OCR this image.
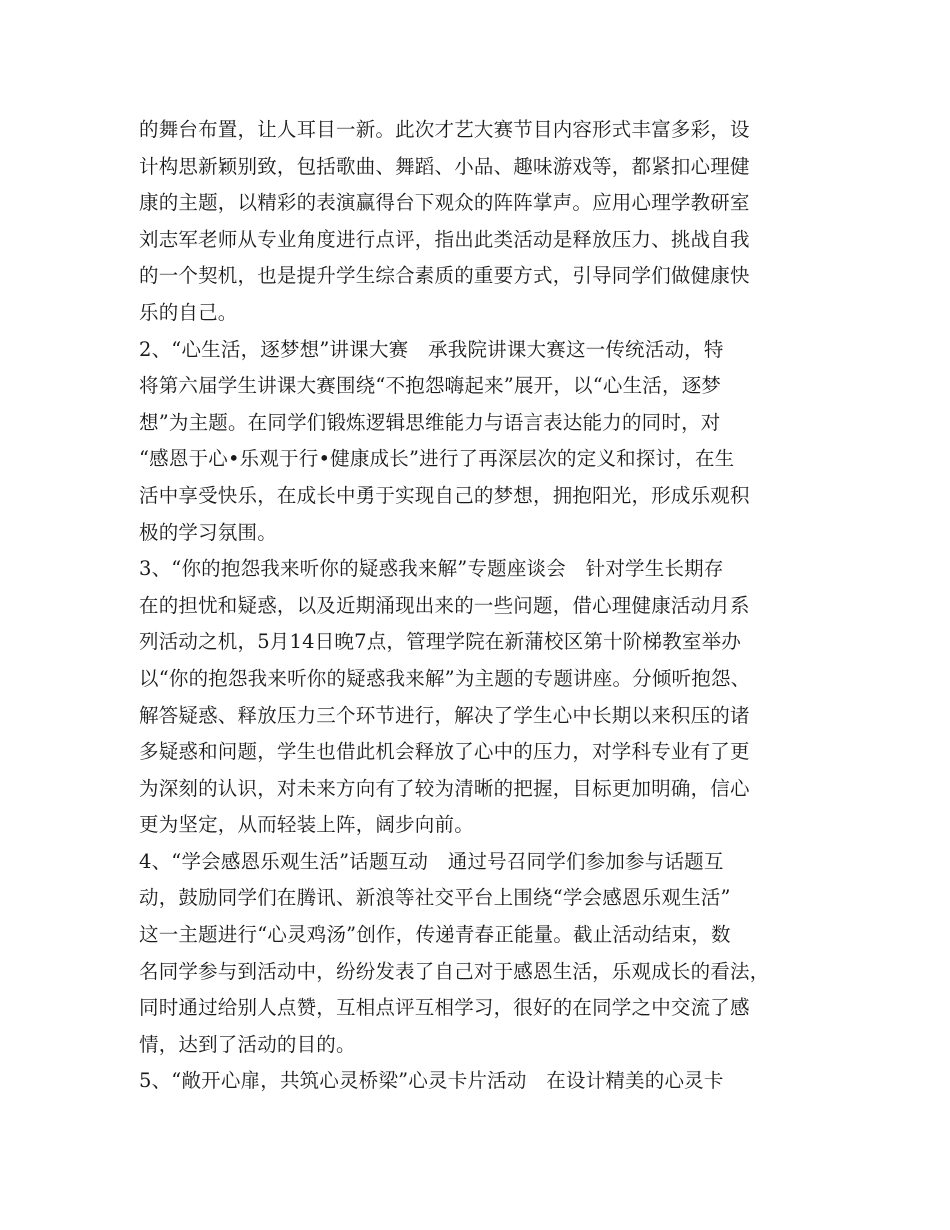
的舞台布置，让人耳目一新。此次才艺大赛节目内容形式丰富多彩，设
计构思新颖别致，包括歌曲、舞蹈、小品、趣味游戏等，都紧扣心理健
康的主题，以精彩的表演赢得台下观众的阵阵掌声。应用心理学教研室
刘志军老师从专业角度进行点评，指出此类活动是释放压力、挑战自我
的一个契机，也是提升学生综合素质的重要方式，引导同学们做健康快
乐的自己。
2、“心生活，逐梦想”讲课大赛　承我院讲课大赛这一传统活动，特
将第六届学生讲课大赛围绕“不抱怨嗨起来”展开，以“心生活，逐梦
想”为主题。在同学们锻炼逻辑思维能力与语言表达能力的同时，对
“感恩于心•乐观于行•健康成长”进行了再深层次的定义和探讨，在生
活中享受快乐，在成长中勇于实现自己的梦想，拥抱阳光，形成乐观积
极的学习氛围。
3、“你的抱怨我来听你的疑惑我来解”专题座谈会　针对学生长期存
在的担忧和疑惑，以及近期涌现出来的一些问题，借心理健康活动月系
列活动之机，5月14日晚7点，管理学院在新蒲校区第十阶梯教室举办
以“你的抱怨我来听你的疑惑我来解”为主题的专题讲座。分倾听抱怨、
解答疑惑、释放压力三个环节进行，解决了学生心中长期以来积压的诸
多疑惑和问题，学生也借此机会释放了心中的压力，对学科专业有了更
为深刻的认识，对未来方向有了较为清晰的把握，目标更加明确，信心
更为坚定，从而轻装上阵，阔步向前。
4、“学会感恩乐观生活”话题互动　通过号召同学们参加参与话题互
动，鼓励同学们在腾讯、新浪等社交平台上围绕“学会感恩乐观生活”
这一主题进行“心灵鸡汤”创作，传递青春正能量。截止活动结束，数
名同学参与到活动中，纷纷发表了自己对于感恩生活，乐观成长的看法，
同时通过给别人点赞，互相点评互相学习，很好的在同学之中交流了感
情，达到了活动的目的。
5、“敞开心扉，共筑心灵桥梁”心灵卡片活动　在设计精美的心灵卡
